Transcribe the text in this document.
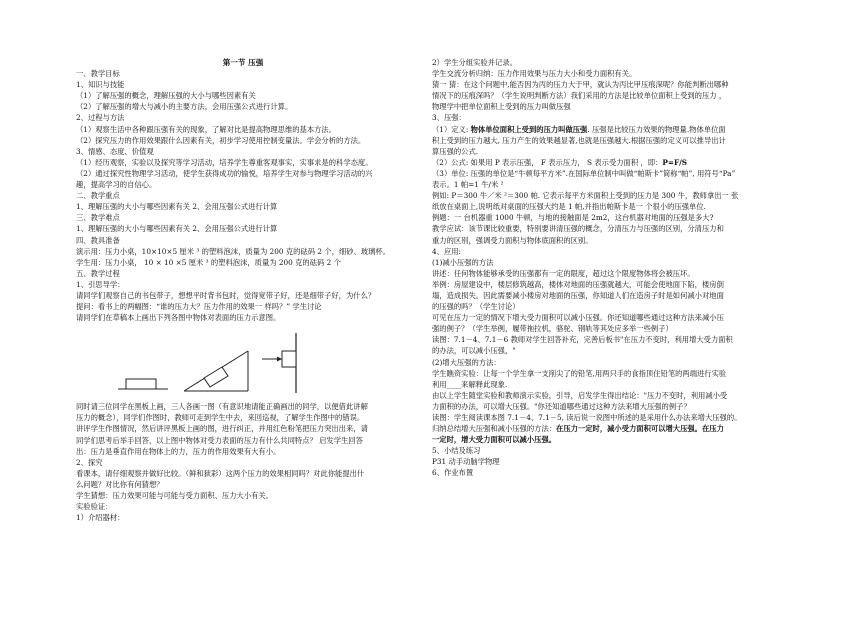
第一节 压强
一、教学目标
1、知识与技能
（1）了解压强的概念，理解压强的大小与哪些因素有关
（2）了解压强的增大与减小的主要方法，会用压强公式进行计算。
2、过程与方法
（1）观察生活中各种跟压强有关的现象，了解对比是提高物理思维的基本方法。
（2）探究压力的作用效果跟什么因素有关，初步学习使用控制变量法。学会分析的方法。
3、情感、态度、价值观
（1）经历观察，实验以及探究等学习活动，培养学生尊重客观事实，实事求是的科学态度。
（2）通过探究性物理学习活动，使学生获得成功的愉悦，培养学生对参与物理学习活动的兴
趣，提高学习的自信心。
二、教学重点
1、理解压强的大小与哪些因素有关 2、会用压强公式进行计算
三、教学难点
1、理解压强的大小与哪些因素有关 2、会用压强公式进行计算
四、教具准备
演示用：压力小桌，10×10×5 厘米 ³ 的塑料泡沫，质量为 200 克的砝码 2 个，细砂、玻璃杯。
学生用：压力小桌， 10 × 10 ×5 厘米 ³ 的塑料泡沫，质量为 200 克的砝码 2 个
五、教学过程
1、引思导学：
请同学们观察自己的书包带子，想想平时背书包时，觉得宽带子好，还是细带子好，为什么？
提问：看书上的两幅图：“谁的压力大？压力作用的效果一 样吗？” 学生讨论
请同学们在草稿本上画出下列各图中物体对表面的压力示意图。
同时请三位同学在黑板上画，三人各画一图（有意识地请能正确画出的同学，以便借此讲解
压力的概念），同学们作图时，教师可走到学生中去，来回巡视，了解学生作图中的错误。
讲评学生作图情况，然后讲评黑板上画的图，进行纠正，并用红色粉笔把压力突出出来，请
同学们思考后举手回答，以上图中物体对受力表面的压力有什么共同特点？ 启发学生回答
出：压力是垂直作用在物体上的力，压力的作用效果有大有小。
2、探究
看课本，请仔细观察并做好比较。（鲜和狱彩）这两个压力的效果相同吗？对此你能提出什
么问题？对比你有何猜想？
学生猜想：压力效果可能与可能与受力面积、压力大小有关。
实验验证：
1）介绍器材：
2）学生分组实验并记录。
学生交流分析归纳：压力作用效果与压力大小和受力面积有关。
猜一 猜：在这个问题中,能否因为丙的压力大于甲，就认为丙比甲压痕深呢？你能判断出哪种
情况下的压痕深吗？（学生说明判断方法）我们采用的方法是比较单位面积上受到的压力 ，
物理学中把单位面积上受到的压力叫做压强
3、压强：
（1）定义: 物体单位面积上受到的压力叫做压强. 压强是比较压力效果的物理量.物体单位面
积上受到的压力越大, 压力产生的效果越显著,也就是压强越大.根据压强的定义可以推导出计
算压强的公式.
（2）公式: 如果用 P 表示压强， F 表示压力， S 表示受力面积 ，即：P=F/S
（3）单位: 压强的单位是“牛顿每平方米”.在国际单位制中叫做“帕斯卡”简称“帕”, 用符号“Pa”
表示。1 帕=1 牛/米 ²
例如: P＝300 牛／米 ²＝300 帕. 它表示每平方米面积上受到的压力是 300 牛，教师拿出一 张
纸放在桌面上,说明纸对桌面的压强大约是 1 帕,并指出帕斯卡是一 个很小的压强单位.
例题：一 台机器重 1000 牛顿，与地的接触面是 2m2，这台机器对地面的压强是多大?
教学应试：该节课比较重要，特别要讲清压强的概念，分清压力与压强的区别，分清压力和
重力的区别，强调受力面积与物体底面积的区别。
4、应用:
(1)减小压强的方法
讲述：任何物体能够承受的压强都有一定的限度，超过这个限度物体将会被压坏。
举例：房屋建设中，楼层修筑越高，楼体对地面的压强就越大，可能会使地面下陷，楼房倒
塌，造成损失。因此需要减小楼房对地面的压强，你知道人们在造房子时是如何减小对地面
的压强的吗？（学生讨论）
可见在压力一定的情况下增大受力面积可以减小压强。你还知道哪些通过这种方法来减小压
强的例子？（学生举例，履带拖拉机，骆驼、钢轨等其处应多举一些例子）
读图：7.1－4、7.1－6 教师对学生回答补充，完善后板书"在压力不变时，利用增大受力面积
的办法，可以减小压强，"
(2)增大压强的方法：
学生瞧资实验：让每一个学生拿一支削尖了的铅笔,用两只手的食指顶住铅笔的两端进行实验
利用____来解释此现象.
由以上学生随堂实验和教师演示实验，引导，启发学生得出结论："压力不变时，利用减小受
力面积的办法，可以增大压强。"你还知道哪些通过这种方法来增大压强的例子？
读图：学生阅读课本图 7.1－4、7.1－5, 读后说一说图中所述的是采用什么办法来增大压强的。
归纳总结增大压强和减小压强的方法：在压力一定时，减小受力面积可以增大压强。在压力
一定时，增大受力面积可以减小压强。
5、小结及练习
P31 动手动脑学物理
6、作业布置
